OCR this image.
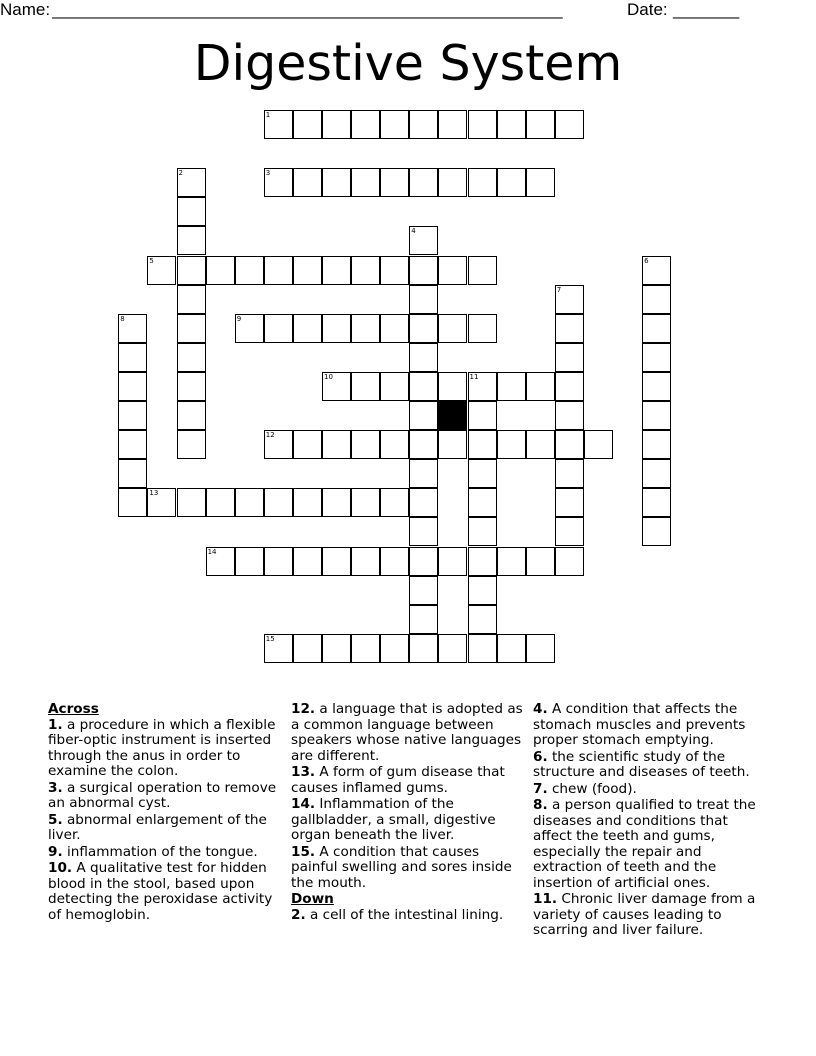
Name: ______________________________________________________	Date: _______
Digestive System
1
3
5
9
10	11
12
13
14
15
2
4
6
7
8
Across
1. a procedure in which a flexible fiber-optic instrument is inserted through the anus in order to examine the colon.
3. a surgical operation to remove an abnormal cyst.
5. abnormal enlargement of the liver.
9. inflammation of the tongue.
10. A qualitative test for hidden blood in the stool, based upon detecting the peroxidase activity of hemoglobin.
12. a language that is adopted as a common language between speakers whose native languages are different.
13. A form of gum disease that causes inflamed gums.
14. Inflammation of the gallbladder, a small, digestive organ beneath the liver.
15. A condition that causes painful swelling and sores inside the mouth.
Down
2. a cell of the intestinal lining.
4. A condition that affects the stomach muscles and prevents proper stomach emptying.
6. the scientific study of the structure and diseases of teeth.
7. chew (food).
8. a person qualified to treat the diseases and conditions that affect the teeth and gums, especially the repair and extraction of teeth and the insertion of artificial ones.
11. Chronic liver damage from a variety of causes leading to scarring and liver failure.
